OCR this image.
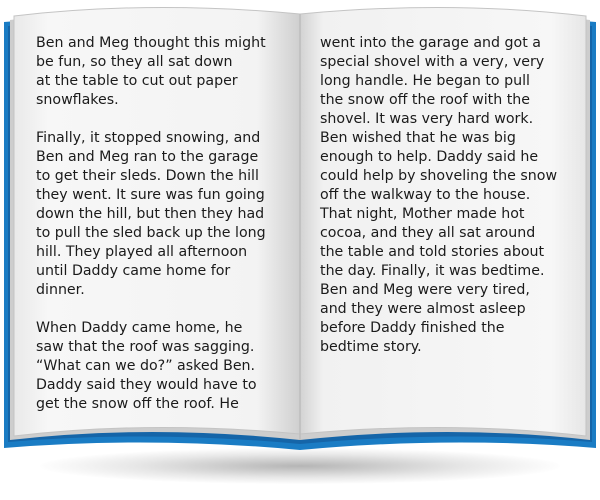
Ben and Meg thought this might
be fun, so they all sat down
at the table to cut out paper
snowflakes.

Finally, it stopped snowing, and
Ben and Meg ran to the garage
to get their sleds. Down the hill
they went. It sure was fun going
down the hill, but then they had
to pull the sled back up the long
hill. They played all afternoon
until Daddy came home for
dinner.

When Daddy came home, he
saw that the roof was sagging.
“What can we do?” asked Ben.
Daddy said they would have to
get the snow off the roof. He

went into the garage and got a
special shovel with a very, very
long handle. He began to pull
the snow off the roof with the
shovel. It was very hard work.
Ben wished that he was big
enough to help. Daddy said he
could help by shoveling the snow
off the walkway to the house.
That night, Mother made hot
cocoa, and they all sat around
the table and told stories about
the day. Finally, it was bedtime.
Ben and Meg were very tired,
and they were almost asleep
before Daddy finished the
bedtime story.
